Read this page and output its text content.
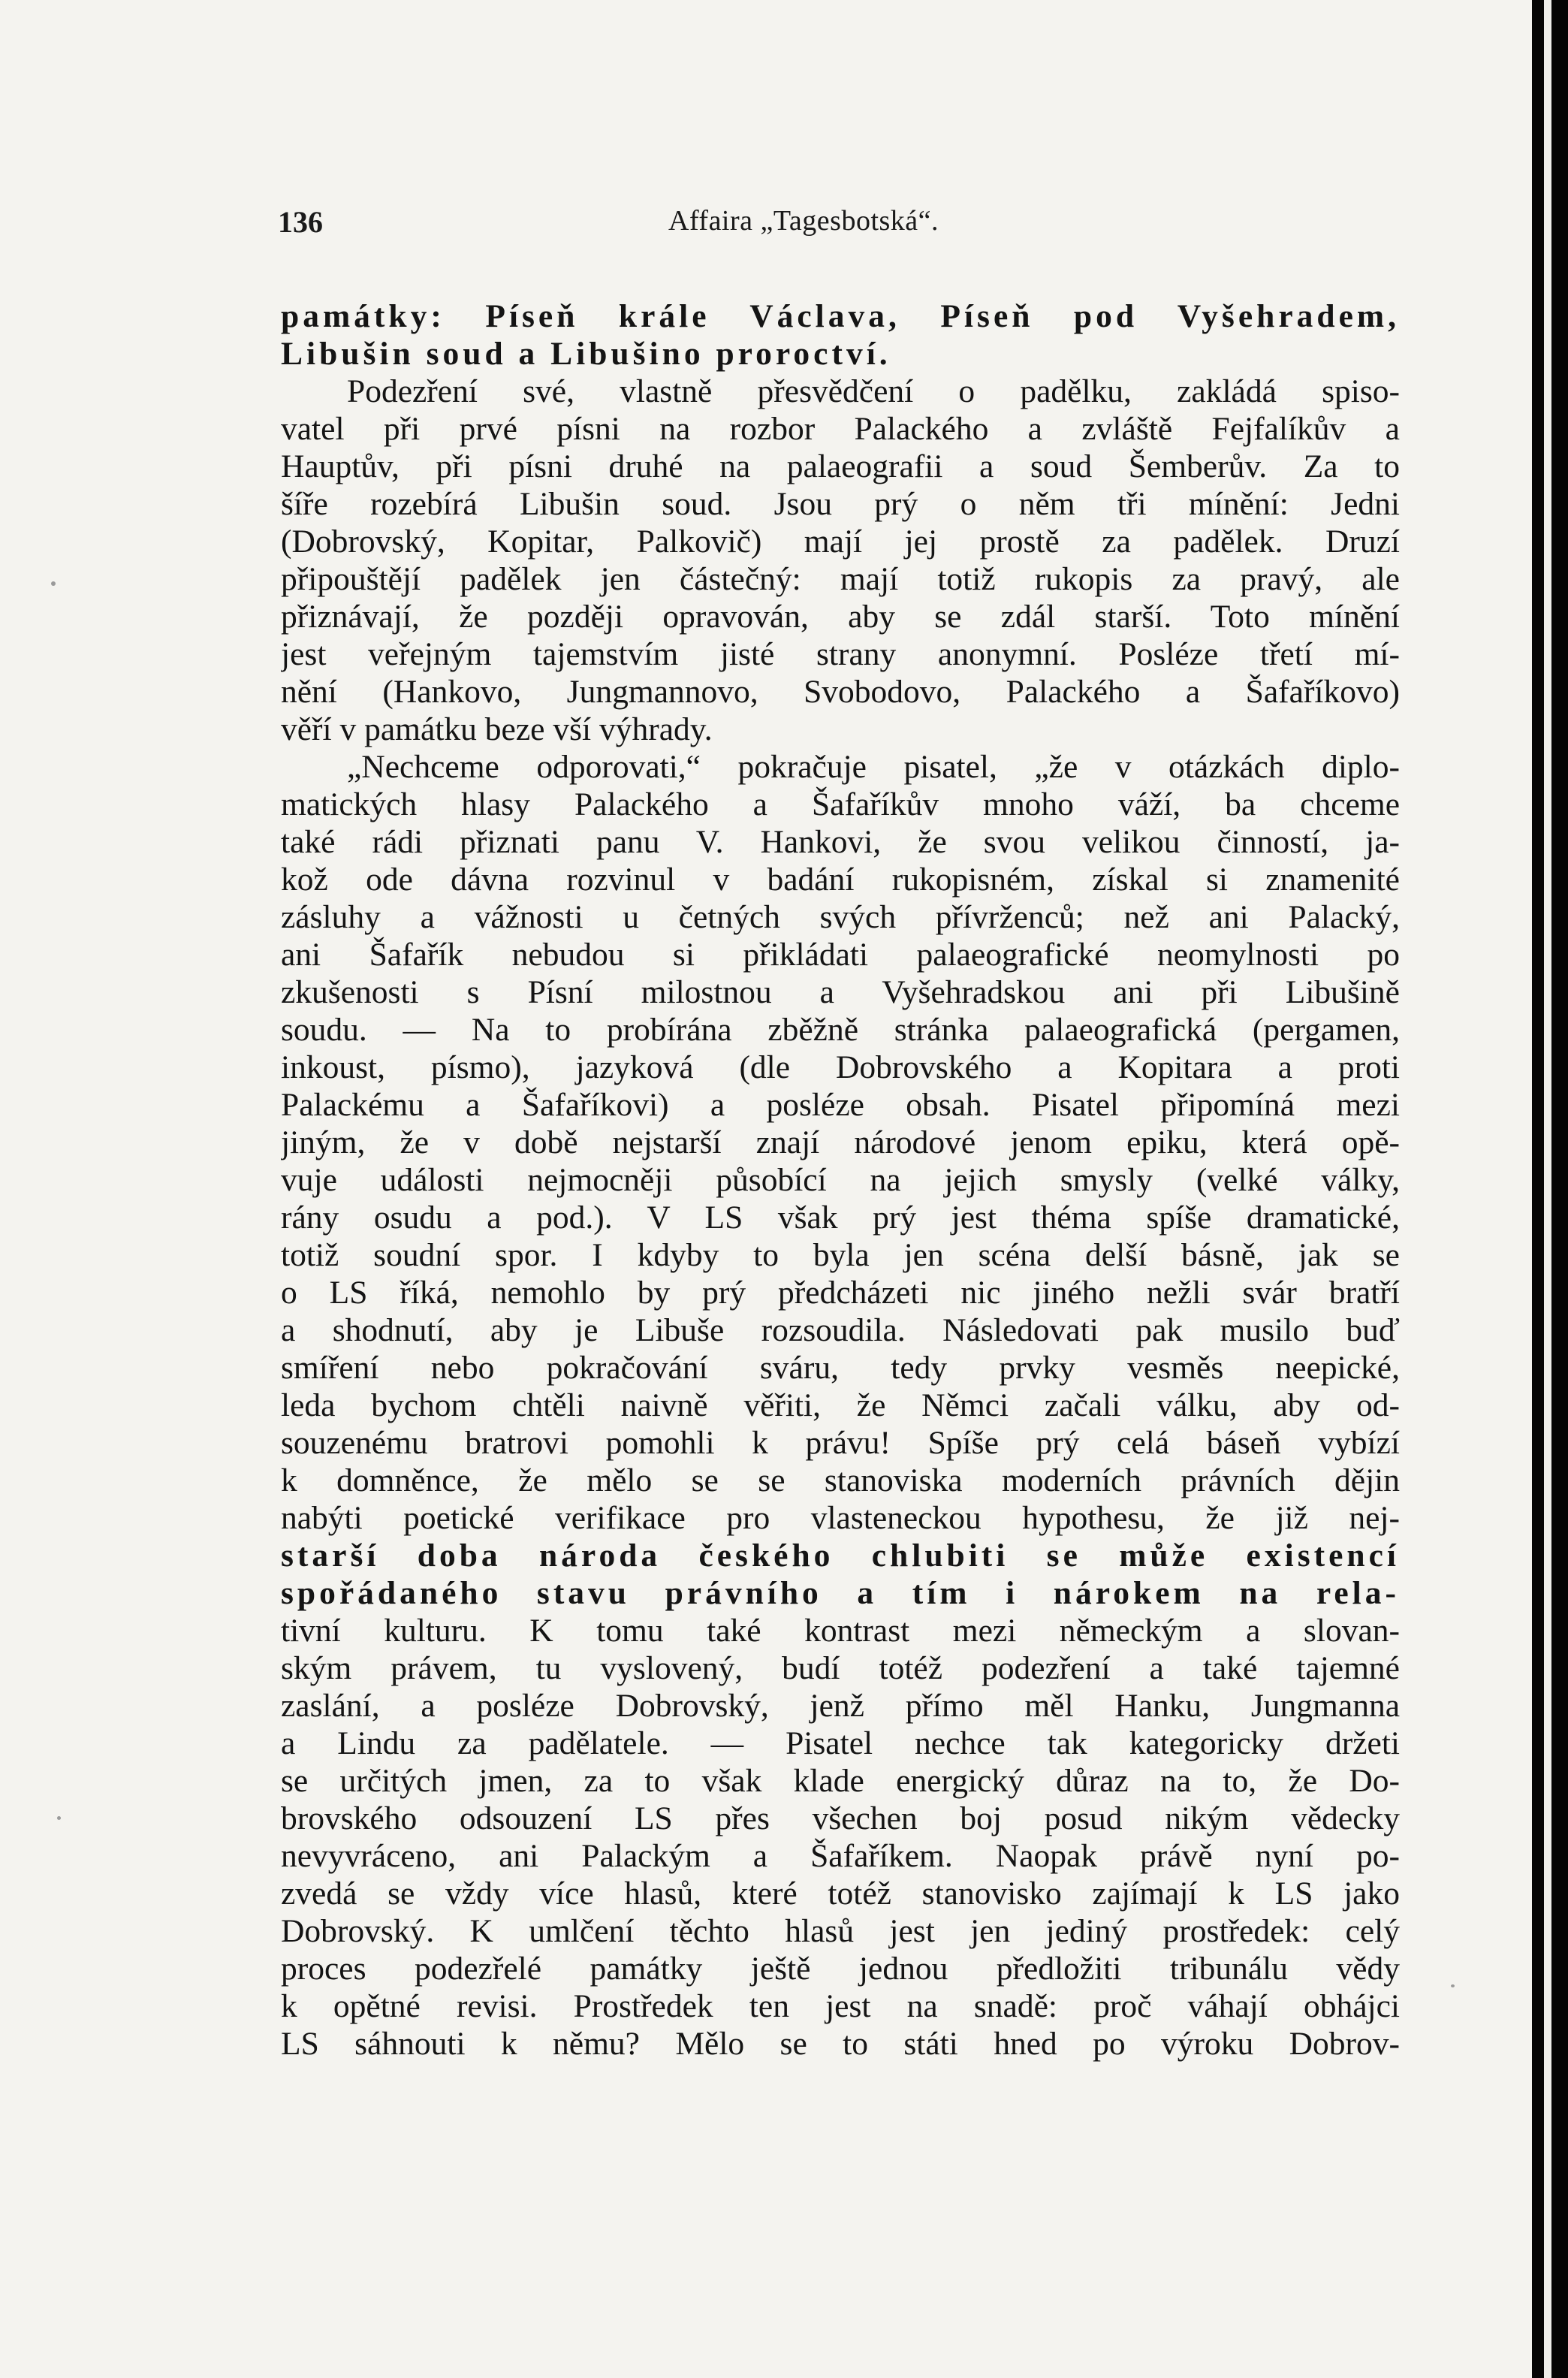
136	Affaira „Tagesbotská“.
památky: Píseň krále Václava, Píseň pod Vyšehradem,
Libušin soud a Libušino proroctví.
Podezření své, vlastně přesvědčení o padělku, zakládá spiso-
vatel při prvé písni na rozbor Palackého a zvláště Fejfalíkův a
Hauptův, při písni druhé na palaeografii a soud Šemberův. Za to
šíře rozebírá Libušin soud. Jsou prý o něm tři mínění: Jedni
(Dobrovský, Kopitar, Palkovič) mají jej prostě za padělek. Druzí
připouštějí padělek jen částečný: mají totiž rukopis za pravý, ale
přiznávají, že později opravován, aby se zdál starší. Toto mínění
jest veřejným tajemstvím jisté strany anonymní. Posléze třetí mí-
nění (Hankovo, Jungmannovo, Svobodovo, Palackého a Šafaříkovo)
věří v památku beze vší výhrady.
„Nechceme odporovati,“ pokračuje pisatel, „že v otázkách diplo-
matických hlasy Palackého a Šafaříkův mnoho váží, ba chceme
také rádi přiznati panu V. Hankovi, že svou velikou činností, ja-
kož ode dávna rozvinul v badání rukopisném, získal si znamenité
zásluhy a vážnosti u četných svých přívrženců; než ani Palacký,
ani Šafařík nebudou si přikládati palaeografické neomylnosti po
zkušenosti s Písní milostnou a Vyšehradskou ani při Libušině
soudu. — Na to probírána zběžně stránka palaeografická (pergamen,
inkoust, písmo), jazyková (dle Dobrovského a Kopitara a proti
Palackému a Šafaříkovi) a posléze obsah. Pisatel připomíná mezi
jiným, že v době nejstarší znají národové jenom epiku, která opě-
vuje události nejmocněji působící na jejich smysly (velké války,
rány osudu a pod.). V LS však prý jest théma spíše dramatické,
totiž soudní spor. I kdyby to byla jen scéna delší básně, jak se
o LS říká, nemohlo by prý předcházeti nic jiného nežli svár bratří
a shodnutí, aby je Libuše rozsoudila. Následovati pak musilo buď
smíření nebo pokračování sváru, tedy prvky vesměs neepické,
leda bychom chtěli naivně věřiti, že Němci začali válku, aby od-
souzenému bratrovi pomohli k právu! Spíše prý celá báseň vybízí
k domněnce, že mělo se se stanoviska moderních právních dějin
nabýti poetické verifikace pro vlasteneckou hypothesu, že již nej-
starší doba národa českého chlubiti se může existencí
spořádaného stavu právního a tím i nárokem na rela-
tivní kulturu. K tomu také kontrast mezi německým a slovan-
ským právem, tu vyslovený, budí totéž podezření a také tajemné
zaslání, a posléze Dobrovský, jenž přímo měl Hanku, Jungmanna
a Lindu za padělatele. — Pisatel nechce tak kategoricky držeti
se určitých jmen, za to však klade energický důraz na to, že Do-
brovského odsouzení LS přes všechen boj posud nikým vědecky
nevyvráceno, ani Palackým a Šafaříkem. Naopak právě nyní po-
zvedá se vždy více hlasů, které totéž stanovisko zajímají k LS jako
Dobrovský. K umlčení těchto hlasů jest jen jediný prostředek: celý
proces podezřelé památky ještě jednou předložiti tribunálu vědy
k opětné revisi. Prostředek ten jest na snadě: proč váhají obhájci
LS sáhnouti k němu? Mělo se to státi hned po výroku Dobrov-
